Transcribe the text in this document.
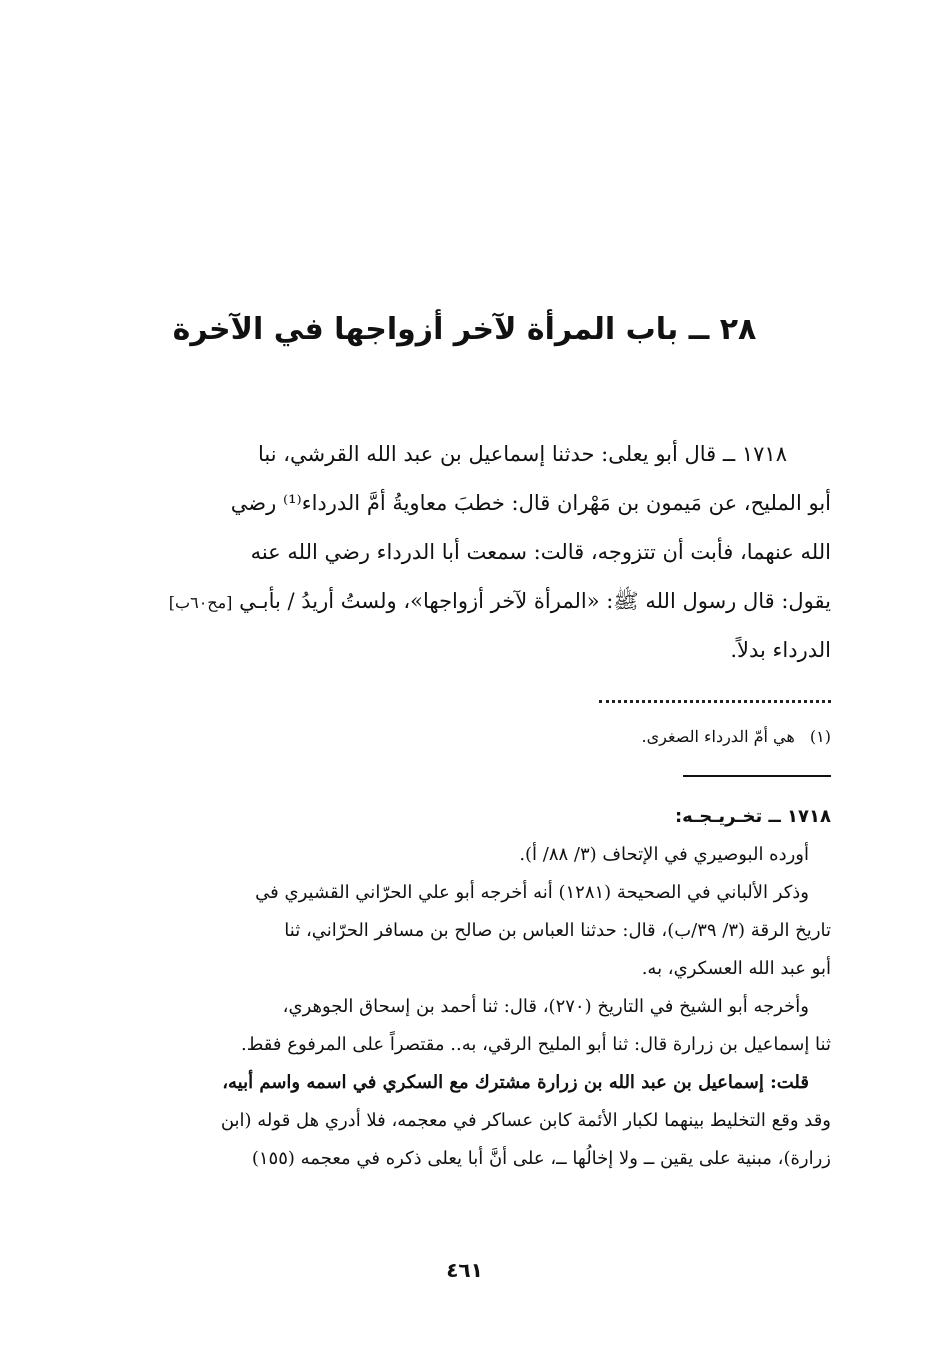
٢٨ ــ باب المرأة لآخر أزواجها في الآخرة
١٧١٨ ــ قال أبو يعلى: حدثنا إسماعيل بن عبد الله القرشي، نبا
أبو المليح، عن مَيمون بن مَهْران قال: خطبَ معاويةُ أمَّ الدرداء⁽¹⁾ رضي
الله عنهما، فأبت أن تتزوجه، قالت: سمعت أبا الدرداء رضي الله عنه
يقول: قال رسول الله ﷺ: «المرأة لآخر أزواجها»، ولستُ أريدُ / بأبـي [مح٦٠ب]
الدرداء بدلاً.
(١) هي أمّ الدرداء الصغرى.
١٧١٨ ــ تخـريـجـه:
أورده البوصيري في الإتحاف (٣/ ٨٨/ أ).
وذكر الألباني في الصحيحة (١٢٨١) أنه أخرجه أبو علي الحرّاني القشيري في
تاريخ الرقة (٣/ ٣٩/ب)، قال: حدثنا العباس بن صالح بن مسافر الحرّاني، ثنا
أبو عبد الله العسكري، به.
وأخرجه أبو الشيخ في التاريخ (٢٧٠)، قال: ثنا أحمد بن إسحاق الجوهري،
ثنا إسماعيل بن زرارة قال: ثنا أبو المليح الرقي، به.. مقتصراً على المرفوع فقط.
قلت: إسماعيل بن عبد الله بن زرارة مشترك مع السكري في اسمه واسم أبيه،
وقد وقع التخليط بينهما لكبار الأئمة كابن عساكر في معجمه، فلا أدري هل قوله (ابن
زرارة)، مبنية على يقين ــ ولا إخالُها ــ، على أنَّ أبا يعلى ذكره في معجمه (١٥٥)
٤٦١
